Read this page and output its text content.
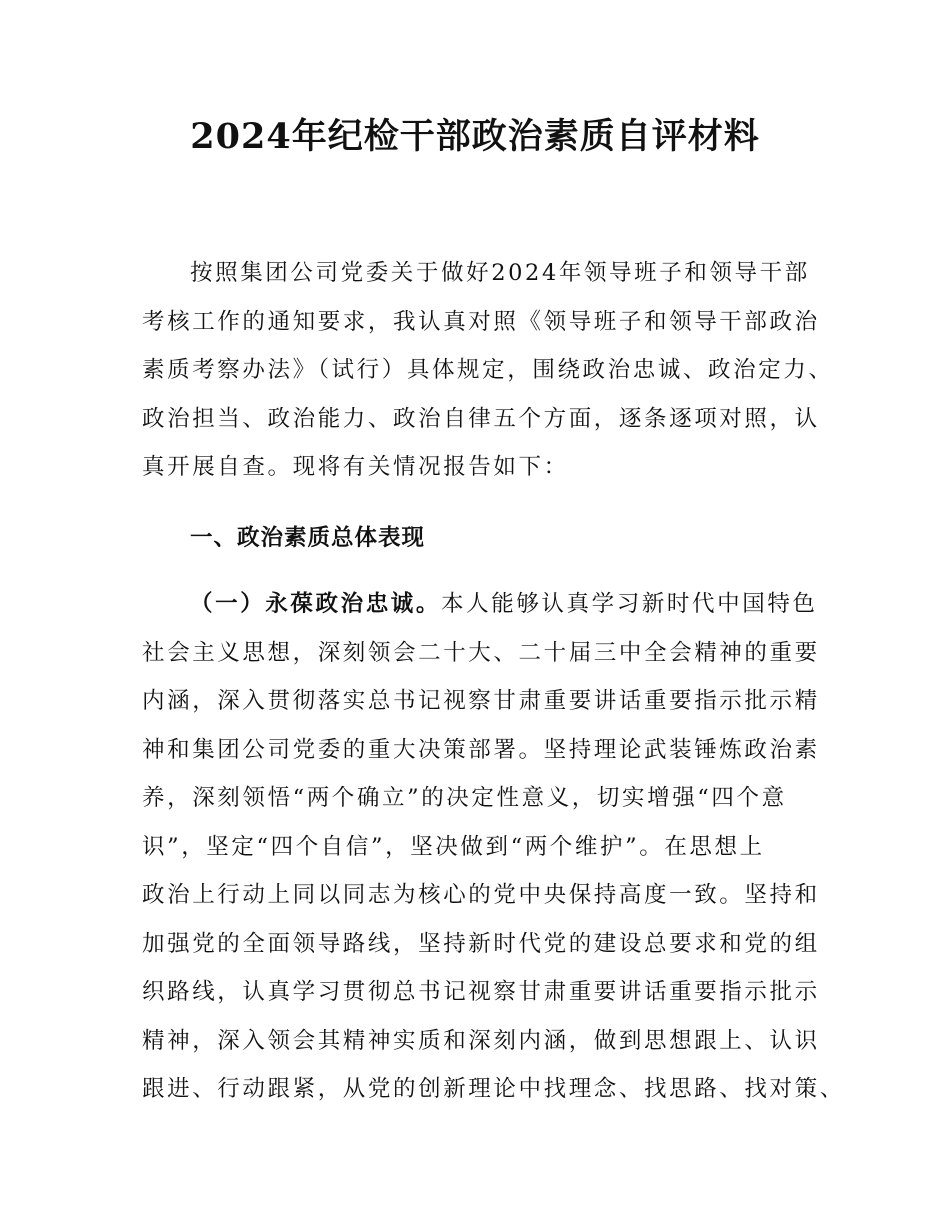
2024年纪检干部政治素质自评材料
按照集团公司党委关于做好2024年领导班子和领导干部
考核工作的通知要求，我认真对照《领导班子和领导干部政治
素质考察办法》（试行）具体规定，围绕政治忠诚、政治定力、
政治担当、政治能力、政治自律五个方面，逐条逐项对照，认
真开展自查。现将有关情况报告如下：
一、政治素质总体表现
（一）永葆政治忠诚。本人能够认真学习新时代中国特色
社会主义思想，深刻领会二十大、二十届三中全会精神的重要
内涵，深入贯彻落实总书记视察甘肃重要讲话重要指示批示精
神和集团公司党委的重大决策部署。坚持理论武装锤炼政治素
养，深刻领悟“两个确立”的决定性意义，切实增强“四个意
识”，坚定“四个自信”，坚决做到“两个维护”。在思想上
政治上行动上同以同志为核心的党中央保持高度一致。坚持和
加强党的全面领导路线，坚持新时代党的建设总要求和党的组
织路线，认真学习贯彻总书记视察甘肃重要讲话重要指示批示
精神，深入领会其精神实质和深刻内涵，做到思想跟上、认识
跟进、行动跟紧，从党的创新理论中找理念、找思路、找对策、
